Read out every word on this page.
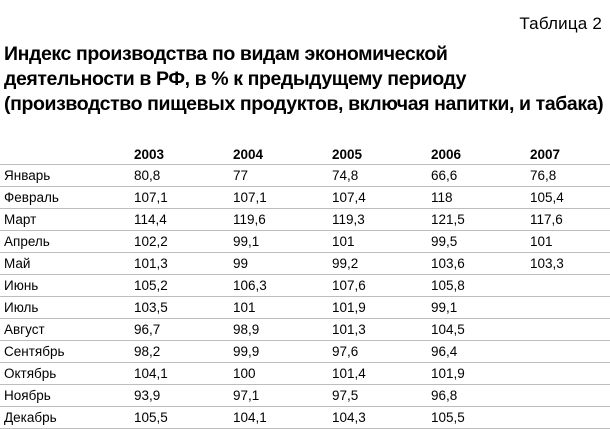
Таблица 2
Индекс производства по видам экономической
деятельности в РФ, в % к предыдущему периоду
(производство пищевых продуктов, включая напитки, и табака)
	2003	2004	2005	2006	2007
Январь	80,8	77	74,8	66,6	76,8
Февраль	107,1	107,1	107,4	118	105,4
Март	114,4	119,6	119,3	121,5	117,6
Апрель	102,2	99,1	101	99,5	101
Май	101,3	99	99,2	103,6	103,3
Июнь	105,2	106,3	107,6	105,8	
Июль	103,5	101	101,9	99,1	
Август	96,7	98,9	101,3	104,5	
Сентябрь	98,2	99,9	97,6	96,4	
Октябрь	104,1	100	101,4	101,9	
Ноябрь	93,9	97,1	97,5	96,8	
Декабрь	105,5	104,1	104,3	105,5	
